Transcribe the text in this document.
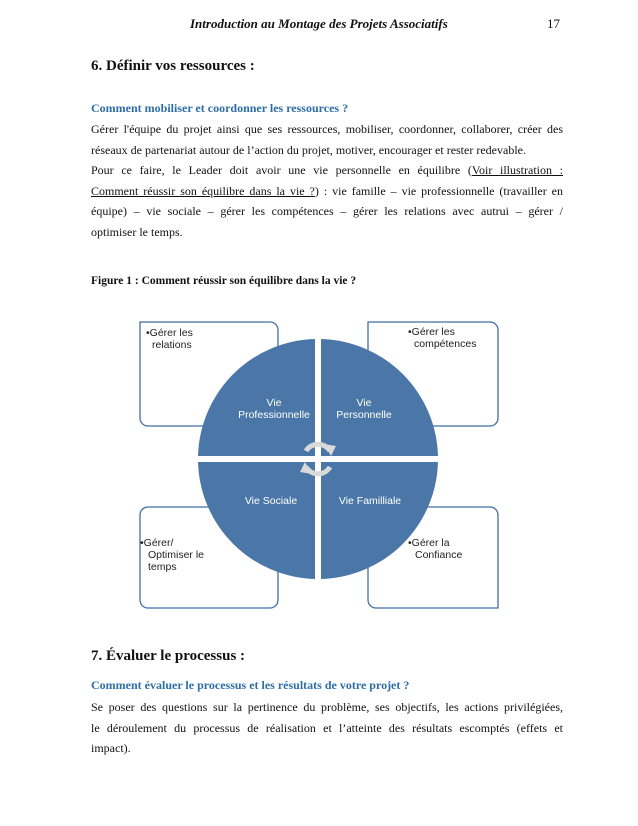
Introduction au Montage des Projets Associatifs	17
6. Définir vos ressources :
Comment mobiliser et coordonner les ressources ?
Gérer l'équipe du projet ainsi que ses ressources, mobiliser, coordonner, collaborer, créer des
réseaux de partenariat autour de l’action du projet, motiver, encourager et rester redevable.
Pour ce faire, le Leader doit avoir une vie personnelle en équilibre (Voir illustration :
Comment réussir son équilibre dans la vie ?) : vie famille – vie professionnelle (travailler en
équipe) – vie sociale – gérer les compétences – gérer les relations avec autrui – gérer /
optimiser le temps.
Figure 1 : Comment réussir son équilibre dans la vie ?
•Gérer les
relations
•Gérer les
compétences
•Gérer/
Optimiser le
temps
•Gérer la
Confiance
Vie
Professionnelle
Vie
Personnelle
Vie Sociale	Vie Familliale
7. Évaluer le processus :
Comment évaluer le processus et les résultats de votre projet ?
Se poser des questions sur la pertinence du problème, ses objectifs, les actions privilégiées,
le déroulement du processus de réalisation et l’atteinte des résultats escomptés (effets et
impact).
